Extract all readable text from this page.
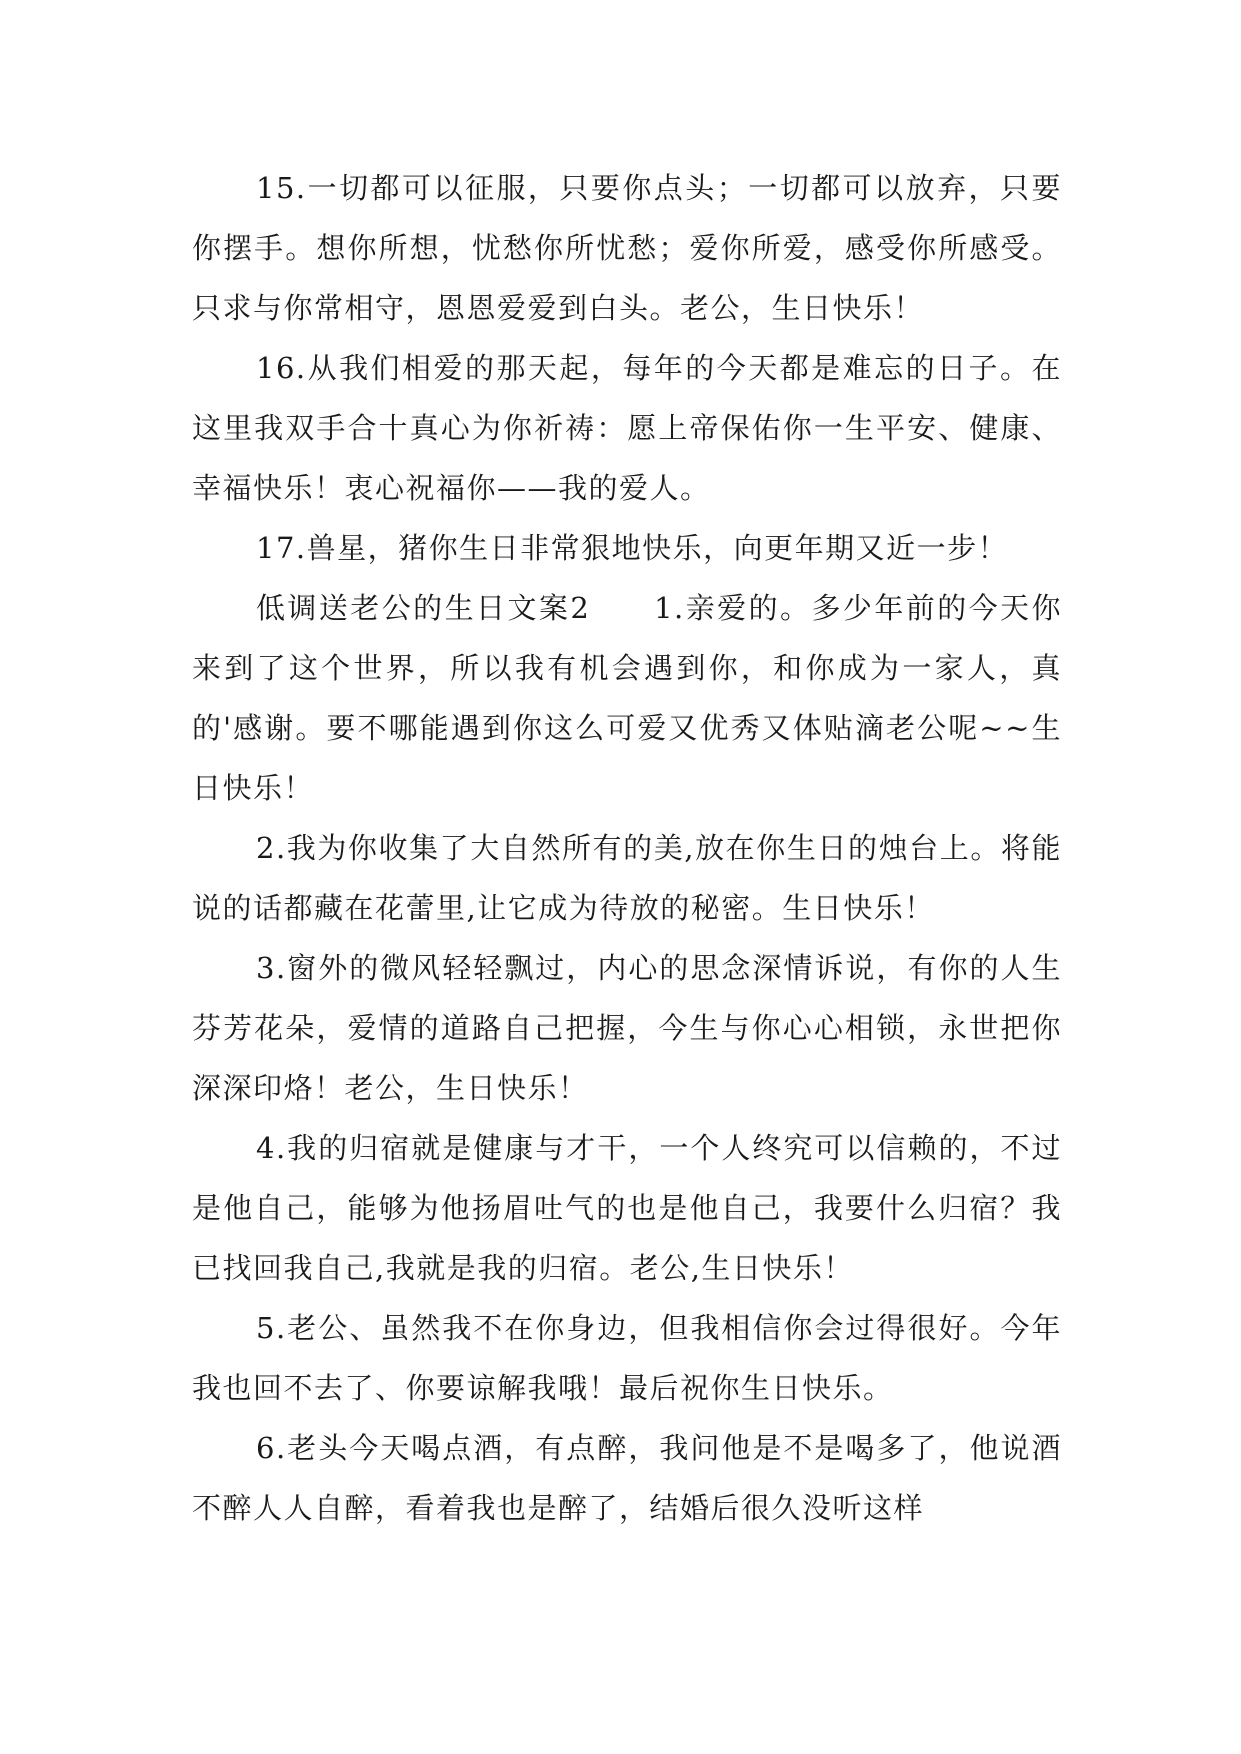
15.一切都可以征服，只要你点头；一切都可以放弃，只要你摆手。想你所想，忧愁你所忧愁；爱你所爱，感受你所感受。只求与你常相守，恩恩爱爱到白头。老公，生日快乐！

16.从我们相爱的那天起，每年的今天都是难忘的日子。在这里我双手合十真心为你祈祷：愿上帝保佑你一生平安、健康、幸福快乐！衷心祝福你——我的爱人。

17.兽星，猪你生日非常狠地快乐，向更年期又近一步！

低调送老公的生日文案2　　1.亲爱的。多少年前的今天你来到了这个世界，所以我有机会遇到你，和你成为一家人，真的'感谢。要不哪能遇到你这么可爱又优秀又体贴滴老公呢~~生日快乐！

2.我为你收集了大自然所有的美,放在你生日的烛台上。将能说的话都藏在花蕾里,让它成为待放的秘密。生日快乐！

3.窗外的微风轻轻飘过，内心的思念深情诉说，有你的人生芬芳花朵，爱情的道路自己把握，今生与你心心相锁，永世把你深深印烙！老公，生日快乐！

4.我的归宿就是健康与才干，一个人终究可以信赖的，不过是他自己，能够为他扬眉吐气的也是他自己，我要什么归宿？我已找回我自己,我就是我的归宿。老公,生日快乐！

5.老公、虽然我不在你身边，但我相信你会过得很好。今年我也回不去了、你要谅解我哦！最后祝你生日快乐。

6.老头今天喝点酒，有点醉，我问他是不是喝多了，他说酒不醉人人自醉，看着我也是醉了，结婚后很久没听这样
